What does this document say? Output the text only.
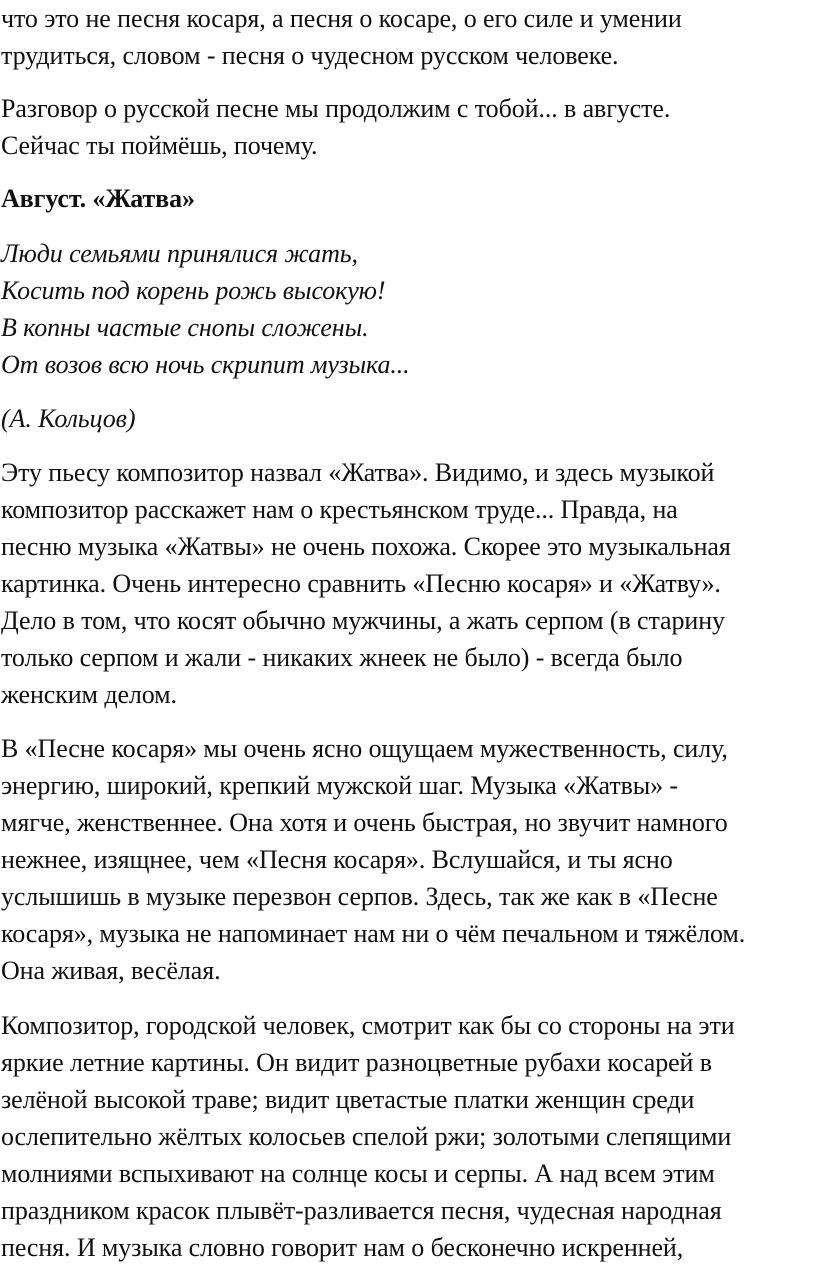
что это не песня косаря, а песня о косаре, о его силе и умении
трудиться, словом - песня о чудесном русском человеке.
Разговор о русской песне мы продолжим с тобой... в августе.
Сейчас ты поймёшь, почему.
Август. «Жатва»
Люди семьями принялися жать,
Косить под корень рожь высокую!
В копны частые снопы сложены.
От возов всю ночь скрипит музыка...
(А. Кольцов)
Эту пьесу композитор назвал «Жатва». Видимо, и здесь музыкой
композитор расскажет нам о крестьянском труде... Правда, на
песню музыка «Жатвы» не очень похожа. Скорее это музыкальная
картинка. Очень интересно сравнить «Песню косаря» и «Жатву».
Дело в том, что косят обычно мужчины, а жать серпом (в старину
только серпом и жали - никаких жнеек не было) - всегда было
женским делом.
В «Песне косаря» мы очень ясно ощущаем мужественность, силу,
энергию, широкий, крепкий мужской шаг. Музыка «Жатвы» -
мягче, женственнее. Она хотя и очень быстрая, но звучит намного
нежнее, изящнее, чем «Песня косаря». Вслушайся, и ты ясно
услышишь в музыке перезвон серпов. Здесь, так же как в «Песне
косаря», музыка не напоминает нам ни о чём печальном и тяжёлом.
Она живая, весёлая.
Композитор, городской человек, смотрит как бы со стороны на эти
яркие летние картины. Он видит разноцветные рубахи косарей в
зелёной высокой траве; видит цветастые платки женщин среди
ослепительно жёлтых колосьев спелой ржи; золотыми слепящими
молниями вспыхивают на солнце косы и серпы. А над всем этим
праздником красок плывёт-разливается песня, чудесная народная
песня. И музыка словно говорит нам о бесконечно искренней,
